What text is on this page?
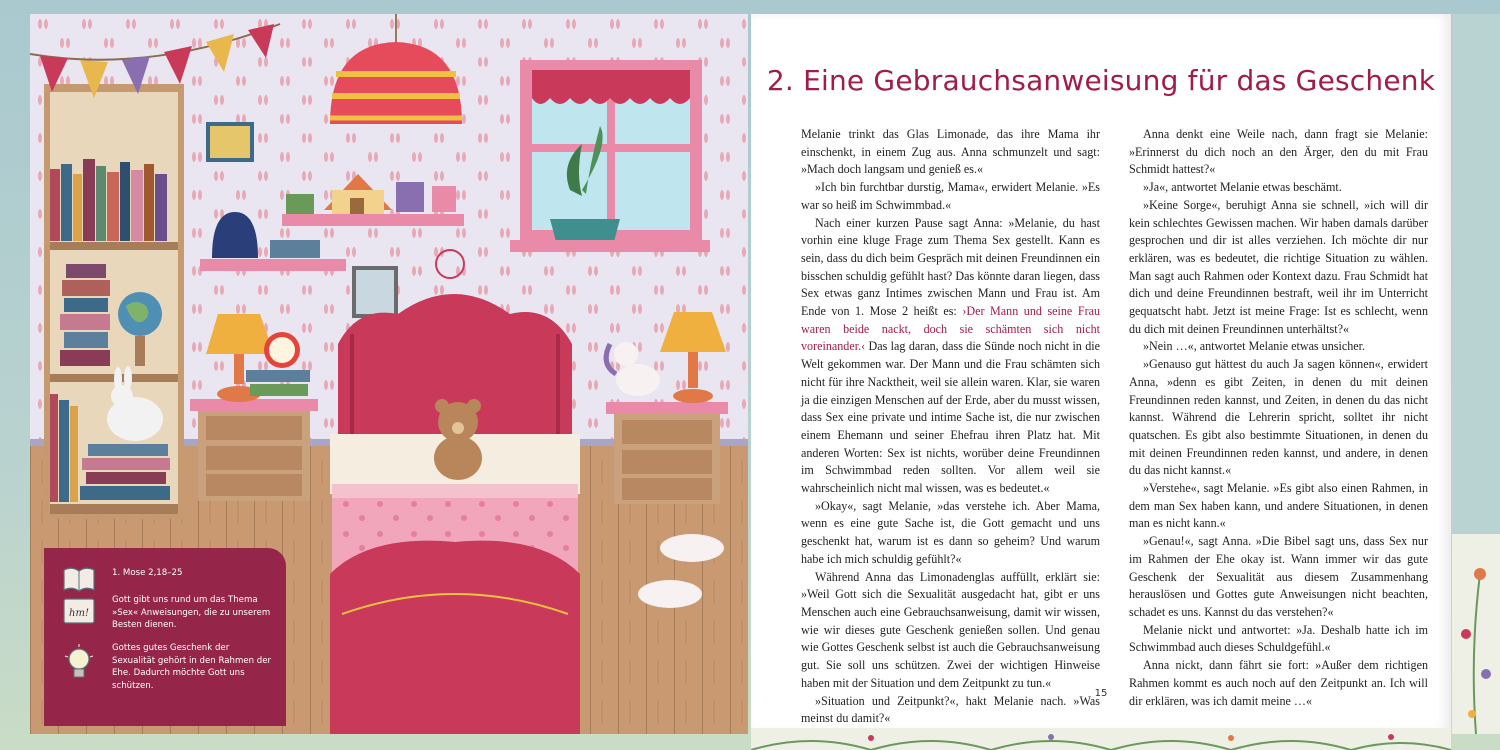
1. Mose 2,18–25
hm!
Gott gibt uns rund um das Thema »Sex« Anweisungen, die zu unserem Besten dienen.
Gottes gutes Geschenk der Sexualität gehört in den Rahmen der Ehe. Dadurch möchte Gott uns schützen.
2. Eine Gebrauchsanweisung für das Geschenk

Melanie trinkt das Glas Limonade, das ihre Mama ihr einschenkt, in einem Zug aus. Anna schmunzelt und sagt: »Mach doch langsam und genieß es.«

»Ich bin furchtbar durstig, Mama«, erwidert Melanie. »Es war so heiß im Schwimmbad.«

Nach einer kurzen Pause sagt Anna: »Melanie, du hast vorhin eine kluge Frage zum Thema Sex gestellt. Kann es sein, dass du dich beim Gespräch mit deinen Freundinnen ein bisschen schuldig gefühlt hast? Das könnte daran liegen, dass Sex etwas ganz Intimes zwischen Mann und Frau ist. Am Ende von 1. Mose 2 heißt es: ›Der Mann und seine Frau waren beide nackt, doch sie schämten sich nicht voreinander.‹ Das lag daran, dass die Sünde noch nicht in die Welt gekommen war. Der Mann und die Frau schämten sich nicht für ihre Nacktheit, weil sie allein waren. Klar, sie waren ja die einzigen Menschen auf der Erde, aber du musst wissen, dass Sex eine private und intime Sache ist, die nur zwischen einem Ehemann und seiner Ehefrau ihren Platz hat. Mit anderen Worten: Sex ist nichts, worüber deine Freundinnen im Schwimmbad reden sollten. Vor allem weil sie wahrscheinlich nicht mal wissen, was es bedeutet.«

»Okay«, sagt Melanie, »das verstehe ich. Aber Mama, wenn es eine gute Sache ist, die Gott gemacht und uns geschenkt hat, warum ist es dann so geheim? Und warum habe ich mich schuldig gefühlt?«

Während Anna das Limonadenglas auffüllt, erklärt sie: »Weil Gott sich die Sexualität ausgedacht hat, gibt er uns Menschen auch eine Gebrauchsanweisung, damit wir wissen, wie wir dieses gute Geschenk genießen sollen. Und genau wie Gottes Geschenk selbst ist auch die Gebrauchsanweisung gut. Sie soll uns schützen. Zwei der wichtigen Hinweise haben mit der Situation und dem Zeitpunkt zu tun.«

»Situation und Zeitpunkt?«, hakt Melanie nach. »Was meinst du damit?«

Anna denkt eine Weile nach, dann fragt sie Melanie: »Erinnerst du dich noch an den Ärger, den du mit Frau Schmidt hattest?«

»Ja«, antwortet Melanie etwas beschämt.

»Keine Sorge«, beruhigt Anna sie schnell, »ich will dir kein schlechtes Gewissen machen. Wir haben damals darüber gesprochen und dir ist alles verziehen. Ich möchte dir nur erklären, was es bedeutet, die richtige Situation zu wählen. Man sagt auch Rahmen oder Kontext dazu. Frau Schmidt hat dich und deine Freundinnen bestraft, weil ihr im Unterricht gequatscht habt. Jetzt ist meine Frage: Ist es schlecht, wenn du dich mit deinen Freundinnen unterhältst?«

»Nein …«, antwortet Melanie etwas unsicher.

»Genauso gut hättest du auch Ja sagen können«, erwidert Anna, »denn es gibt Zeiten, in denen du mit deinen Freundinnen reden kannst, und Zeiten, in denen du das nicht kannst. Während die Lehrerin spricht, solltet ihr nicht quatschen. Es gibt also bestimmte Situationen, in denen du mit deinen Freundinnen reden kannst, und andere, in denen du das nicht kannst.«

»Verstehe«, sagt Melanie. »Es gibt also einen Rahmen, in dem man Sex haben kann, und andere Situationen, in denen man es nicht kann.«

»Genau!«, sagt Anna. »Die Bibel sagt uns, dass Sex nur im Rahmen der Ehe okay ist. Wann immer wir das gute Geschenk der Sexualität aus diesem Zusammenhang herauslösen und Gottes gute Anweisungen nicht beachten, schadet es uns. Kannst du das verstehen?«

Melanie nickt und antwortet: »Ja. Deshalb hatte ich im Schwimmbad auch dieses Schuldgefühl.«

Anna nickt, dann fährt sie fort: »Außer dem richtigen Rahmen kommt es auch noch auf den Zeitpunkt an. Ich will dir erklären, was ich damit meine …«

15
